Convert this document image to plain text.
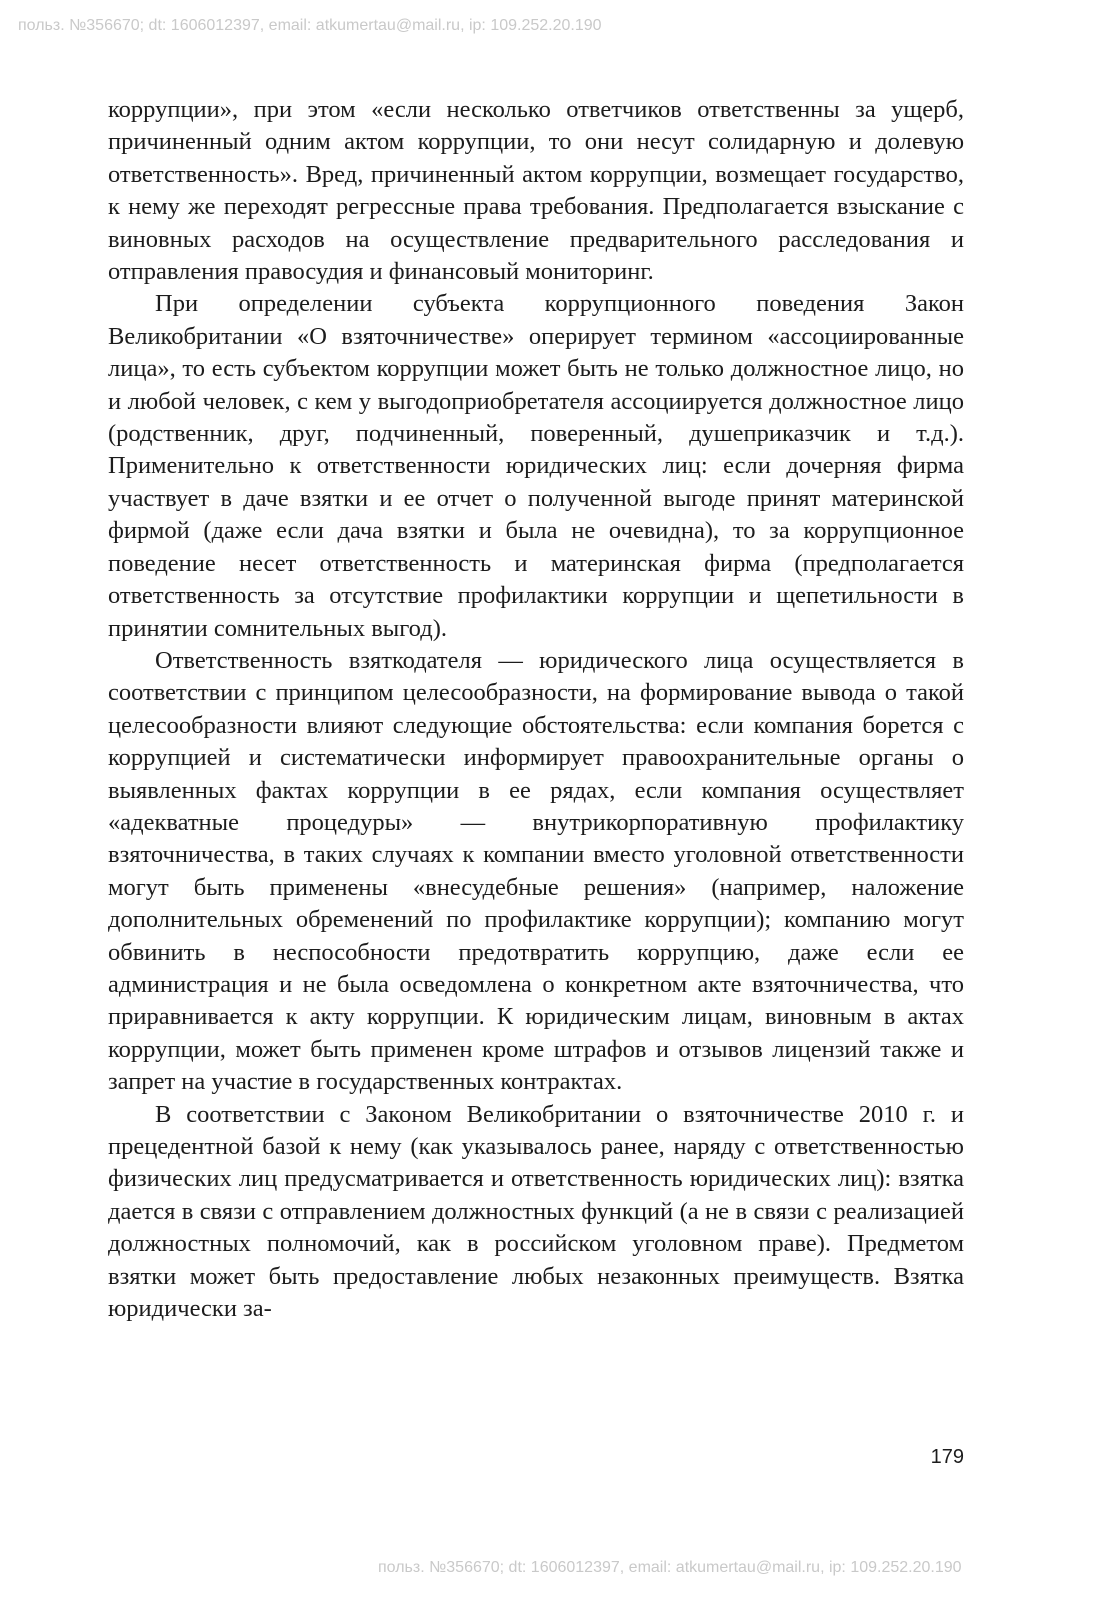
польз. №356670; dt: 1606012397, email: atkumertau@mail.ru, ip: 109.252.20.190

коррупции», при этом «если несколько ответчиков ответственны за ущерб, причиненный одним актом коррупции, то они несут солидарную и долевую ответственность». Вред, причиненный актом коррупции, возмещает государство, к нему же переходят регрессные права требования. Предполагается взыскание с виновных расходов на осуществление предварительного расследования и отправления правосудия и финансовый мониторинг.

При определении субъекта коррупционного поведения Закон Великобритании «О взяточничестве» оперирует термином «ассоциированные лица», то есть субъектом коррупции может быть не только должностное лицо, но и любой человек, с кем у выгодоприобретателя ассоциируется должностное лицо (родственник, друг, подчиненный, поверенный, душеприказчик и т.д.). Применительно к ответственности юридических лиц: если дочерняя фирма участвует в даче взятки и ее отчет о полученной выгоде принят материнской фирмой (даже если дача взятки и была не очевидна), то за коррупционное поведение несет ответственность и материнская фирма (предполагается ответственность за отсутствие профилактики коррупции и щепетильности в принятии сомнительных выгод).

Ответственность взяткодателя — юридического лица осуществляется в соответствии с принципом целесообразности, на формирование вывода о такой целесообразности влияют следующие обстоятельства: если компания борется с коррупцией и систематически информирует правоохранительные органы о выявленных фактах коррупции в ее рядах, если компания осуществляет «адекватные процедуры» — внутрикорпоративную профилактику взяточничества, в таких случаях к компании вместо уголовной ответственности могут быть применены «внесудебные решения» (например, наложение дополнительных обременений по профилактике коррупции); компанию могут обвинить в неспособности предотвратить коррупцию, даже если ее администрация и не была осведомлена о конкретном акте взяточничества, что приравнивается к акту коррупции. К юридическим лицам, виновным в актах коррупции, может быть применен кроме штрафов и отзывов лицензий также и запрет на участие в государственных контрактах.

В соответствии с Законом Великобритании о взяточничестве 2010 г. и прецедентной базой к нему (как указывалось ранее, наряду с ответственностью физических лиц предусматривается и ответственность юридических лиц): взятка дается в связи с отправлением должностных функций (а не в связи с реализацией должностных полномочий, как в российском уголовном праве). Предметом взятки может быть предоставление любых незаконных преимуществ. Взятка юридически за-

179
польз. №356670; dt: 1606012397, email: atkumertau@mail.ru, ip: 109.252.20.190
